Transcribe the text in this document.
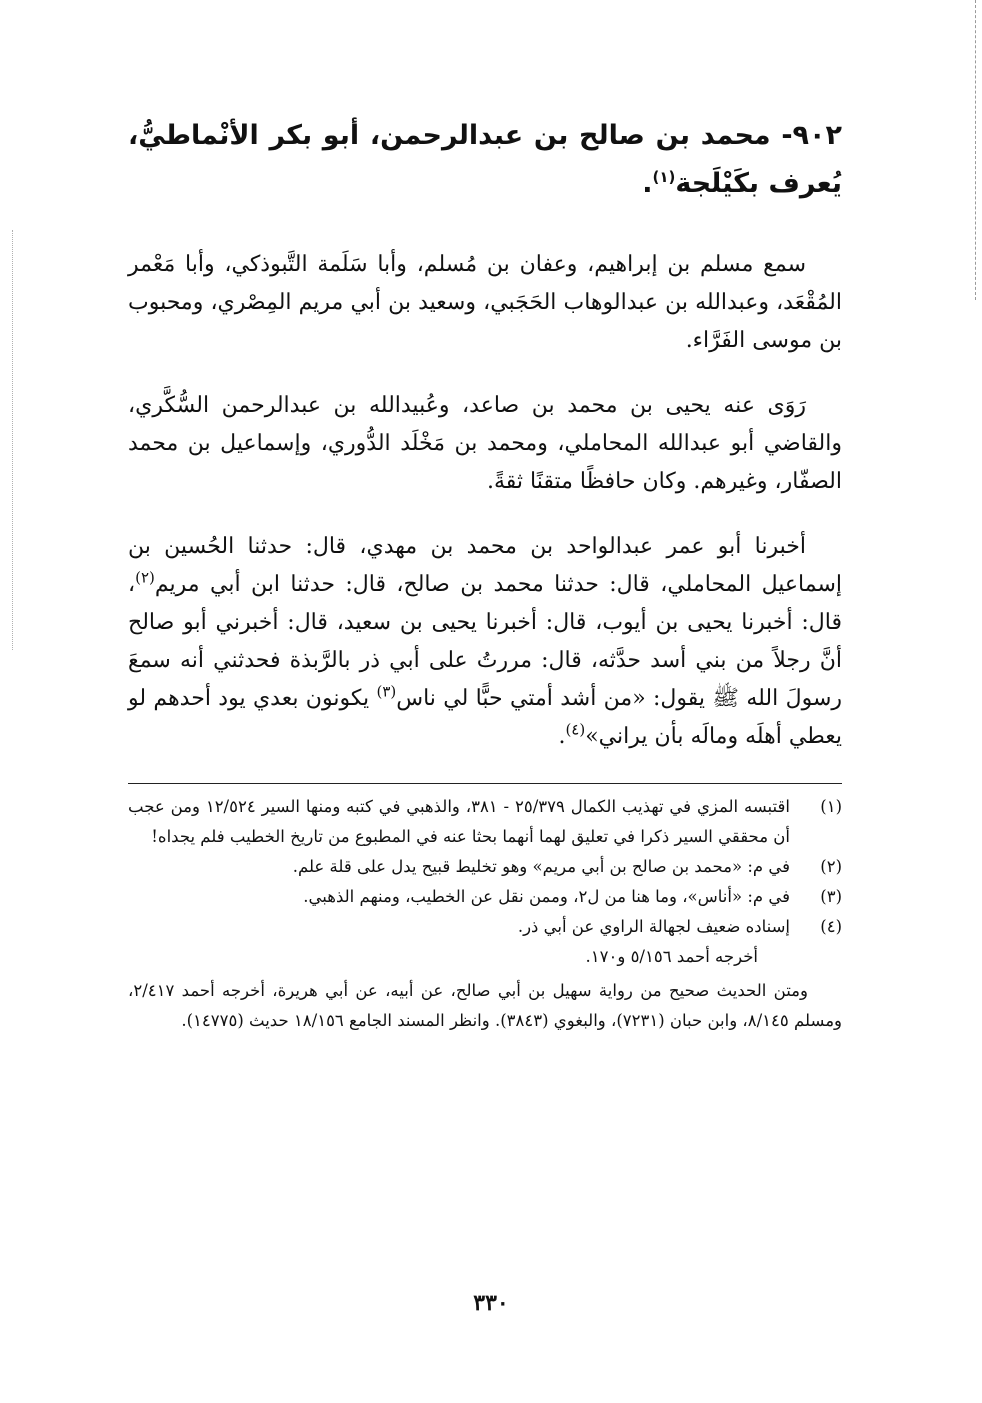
٩٠٢- محمد بن صالح بن عبدالرحمن، أبو بكر الأنْماطيُّ، يُعرف بكَيْلَجة$^{(١)}$.

سمع مسلم بن إبراهيم، وعفان بن مُسلم، وأبا سَلَمة التَّبوذكي، وأبا مَعْمر المُقْعَد، وعبدالله بن عبدالوهاب الحَجَبي، وسعيد بن أبي مريم المِصْري، ومحبوب بن موسى الفَرَّاء.

رَوَى عنه يحيى بن محمد بن صاعد، وعُبيدالله بن عبدالرحمن السُّكَّري، والقاضي أبو عبدالله المحاملي، ومحمد بن مَخْلَد الدُّوري، وإسماعيل بن محمد الصفّار، وغيرهم. وكان حافظًا متقنًا ثقةً.

أخبرنا أبو عمر عبدالواحد بن محمد بن مهدي، قال: حدثنا الحُسين بن إسماعيل المحاملي، قال: حدثنا محمد بن صالح، قال: حدثنا ابن أبي مريم$^{(٢)}$، قال: أخبرنا يحيى بن أيوب، قال: أخبرنا يحيى بن سعيد، قال: أخبرني أبو صالح أنَّ رجلاً من بني أسد حدَّثه، قال: مررتُ على أبي ذر بالرَّبذة فحدثني أنه سمعَ رسولَ الله ﷺ يقول: «من أشد أمتي حبًّا لي ناس$^{(٣)}$ يكونون بعدي يود أحدهم لو يعطي أهلَه ومالَه بأن يراني»$^{(٤)}$.

(١)
اقتبسه المزي في تهذيب الكمال ٢٥/٣٧٩ - ٣٨١، والذهبي في كتبه ومنها السير ١٢/٥٢٤ ومن عجب أن محققي السير ذكرا في تعليق لهما أنهما بحثا عنه في المطبوع من تاريخ الخطيب فلم يجداه!
(٢)
في م: «محمد بن صالح بن أبي مريم» وهو تخليط قبيح يدل على قلة علم.
(٣)
في م: «أناس»، وما هنا من ل٢، وممن نقل عن الخطيب، ومنهم الذهبي.
(٤)
إسناده ضعيف لجهالة الراوي عن أبي ذر.
أخرجه أحمد ٥/١٥٦ و١٧٠.
ومتن الحديث صحيح من رواية سهيل بن أبي صالح، عن أبيه، عن أبي هريرة، أخرجه أحمد ٢/٤١٧، ومسلم ٨/١٤٥، وابن حبان (٧٢٣١)، والبغوي (٣٨٤٣). وانظر المسند الجامع ١٨/١٥٦ حديث (١٤٧٧٥).
٣٣٠
